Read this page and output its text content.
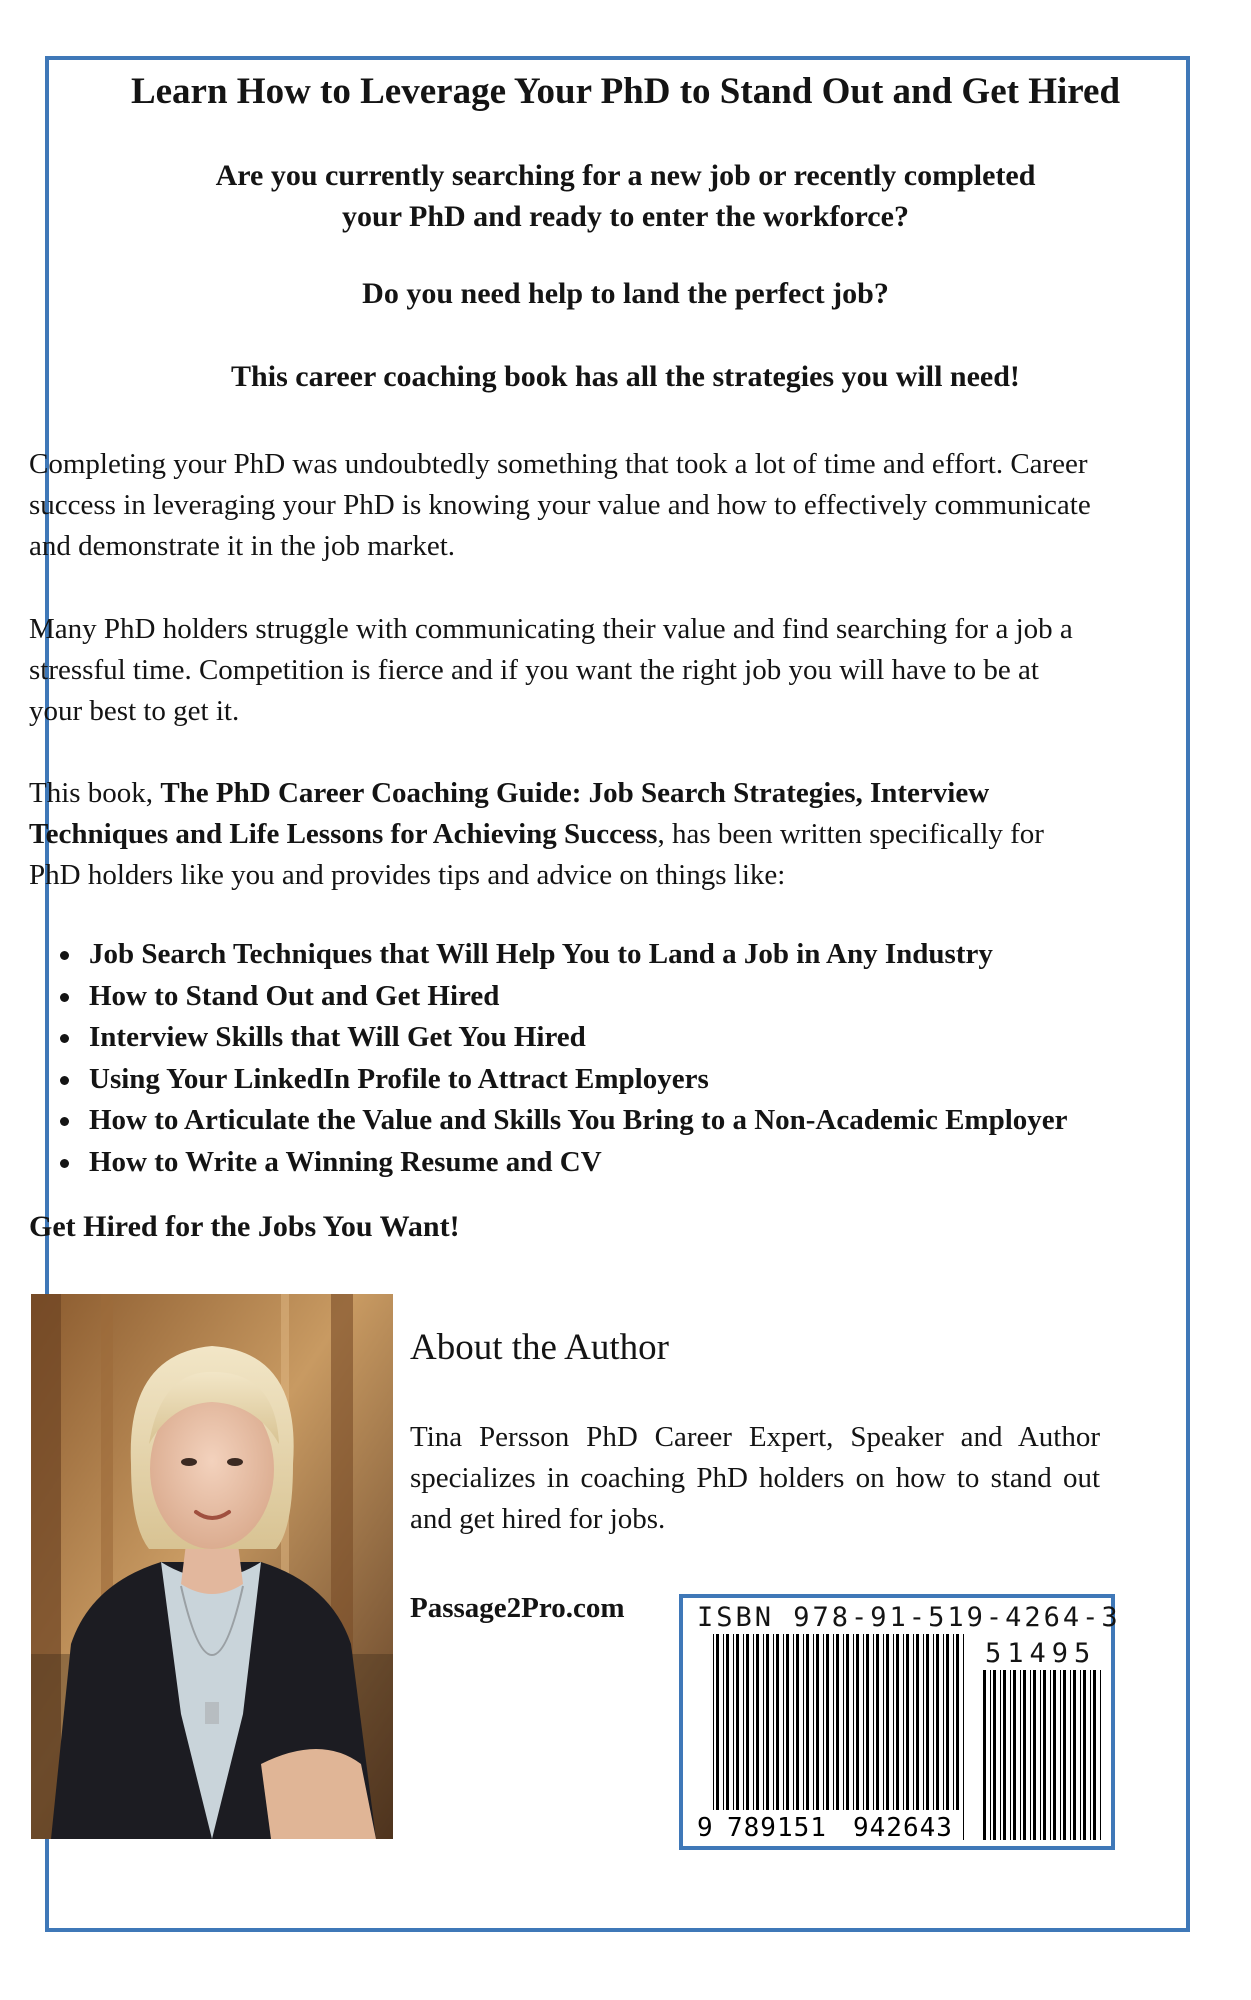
Learn How to Leverage Your PhD to Stand Out and Get Hired
Are you currently searching for a new job or recently completed
your PhD and ready to enter the workforce?
Do you need help to land the perfect job?
This career coaching book has all the strategies you will need!
Completing your PhD was undoubtedly something that took a lot of time and effort. Career success in leveraging your PhD is knowing your value and how to effectively communicate and demonstrate it in the job market.
Many PhD holders struggle with communicating their value and find searching for a job a stressful time. Competition is fierce and if you want the right job you will have to be at your best to get it.
This book, The PhD Career Coaching Guide: Job Search Strategies, Interview Techniques and Life Lessons for Achieving Success, has been written specifically for PhD holders like you and provides tips and advice on things like:
Job Search Techniques that Will Help You to Land a Job in Any Industry
How to Stand Out and Get Hired
Interview Skills that Will Get You Hired
Using Your LinkedIn Profile to Attract Employers
How to Articulate the Value and Skills You Bring to a Non-Academic Employer
How to Write a Winning Resume and CV
Get Hired for the Jobs You Want!
About the Author
Tina Persson PhD Career Expert, Speaker and Author specializes in coaching PhD holders on how to stand out and get hired for jobs.
Passage2Pro.com	ISBN 978-91-519-4264-3
51495
9 789151 942643
